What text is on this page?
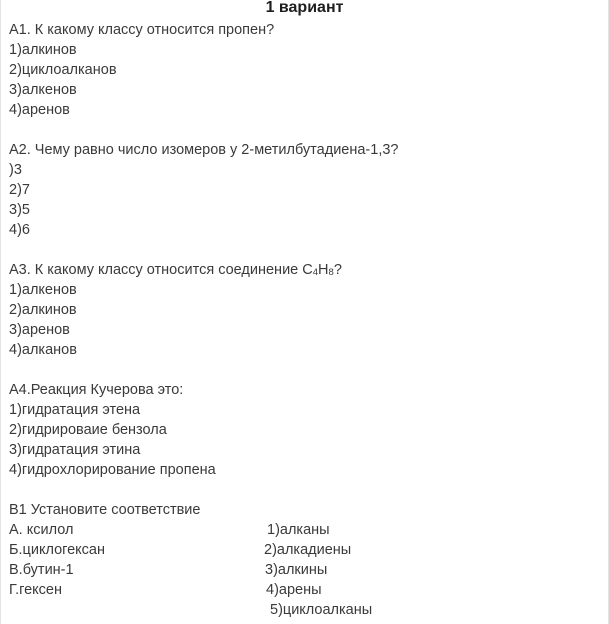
1 вариант
А1. К какому классу относится пропен?
1)алкинов
2)циклоалканов
3)алкенов
4)аренов
А2. Чему равно число изомеров у 2-метилбутадиена-1,3?
)3
2)7
3)5
4)6
А3. К какому классу относится соединение $С_4Н_8$?
1)алкенов
2)алкинов
3)аренов
4)алканов
А4.Реакция Кучерова это:
1)гидратация этена
2)гидрироваие бензола
3)гидратация этина
4)гидрохлорирование пропена
В1 Установите соответствие
А. ксилол	1)алканы
Б.циклогексан	2)алкадиены
В.бутин-1	3)алкины
Г.гексен	4)арены
5)циклоалканы
